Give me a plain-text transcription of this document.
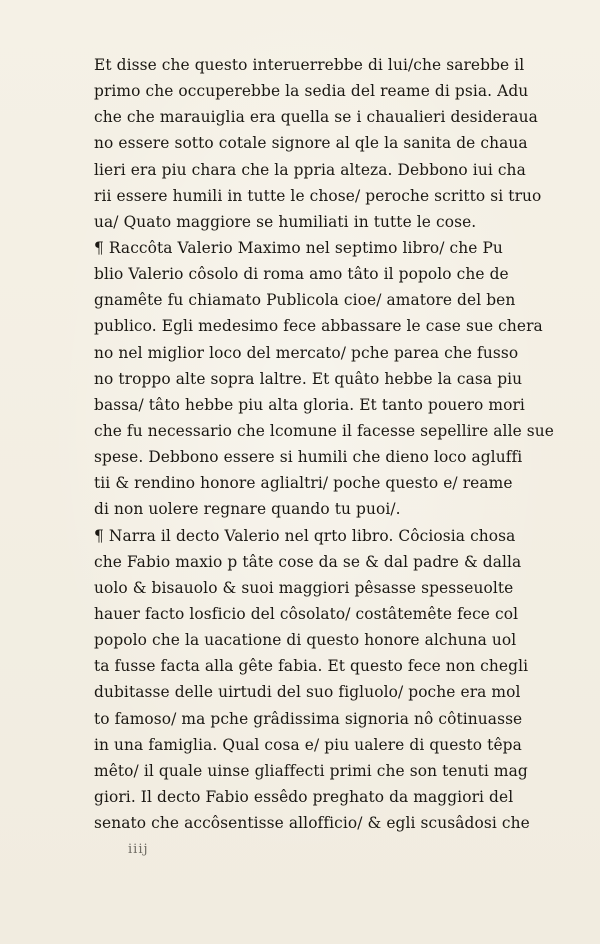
Et disse che questo interuerrebbe di lui/che sarebbe il
primo che occuperebbe la sedia del reame di psia. Adu
che che marauiglia era quella se i chaualieri desideraua
no essere sotto cotale signore al qle la sanita de chaua
lieri era piu chara che la ppria alteza. Debbono iui cha
rii essere humili in tutte le chose/ peroche scritto si truo
ua/ Quato maggiore se humiliati in tutte le cose.
¶ Raccôta Valerio Maximo nel septimo libro/ che Pu
blio Valerio côsolo di roma amo tâto il popolo che de
gnamête fu chiamato Publicola cioe/ amatore del ben
publico. Egli medesimo fece abbassare le case sue chera
no nel miglior loco del mercato/ pche parea che fusso
no troppo alte sopra laltre. Et quâto hebbe la casa piu
bassa/ tâto hebbe piu alta gloria. Et tanto pouero mori
che fu necessario che lcomune il facesse sepellire alle sue
spese. Debbono essere si humili che dieno loco agluffi
tii & rendino honore aglialtri/ poche questo e/ reame
di non uolere regnare quando tu puoi/.
¶ Narra il decto Valerio nel qrto libro. Côciosia chosa
che Fabio maxio p tâte cose da se & dal padre & dalla
uolo & bisauolo & suoi maggiori pêsasse spesseuolte
hauer facto losficio del côsolato/ costâtemête fece col
popolo che la uacatione di questo honore alchuna uol
ta fusse facta alla gête fabia. Et questo fece non chegli
dubitasse delle uirtudi del suo figluolo/ poche era mol
to famoso/ ma pche grâdissima signoria nô côtinuasse
in una famiglia. Qual cosa e/ piu ualere di questo têpa
mêto/ il quale uinse gliaffecti primi che son tenuti mag
giori. Il decto Fabio essêdo preghato da maggiori del
senato che accôsentisse allofficio/ & egli scusâdosi che
iiij
